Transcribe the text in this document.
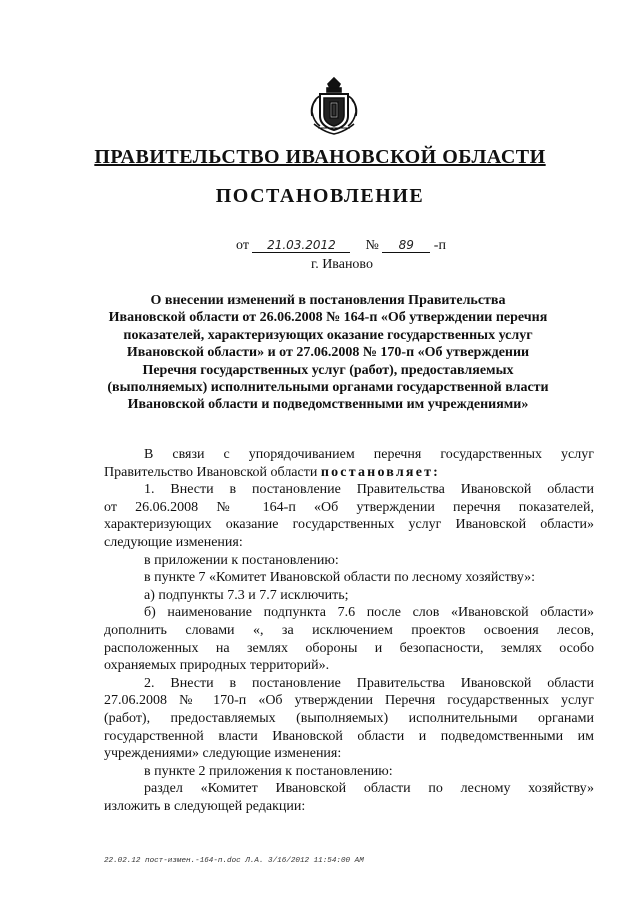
ПРАВИТЕЛЬСТВО ИВАНОВСКОЙ ОБЛАСТИ
ПОСТАНОВЛЕНИЕ
от 21.03.2012 № 89 -п
г. Иваново
О внесении изменений в постановления Правительства
Ивановской области от 26.06.2008 № 164-п «Об утверждении перечня
показателей, характеризующих оказание государственных услуг
Ивановской области» и от 27.06.2008 № 170-п «Об утверждении
Перечня государственных услуг (работ), предоставляемых
(выполняемых) исполнительными органами государственной власти
Ивановской области и подведомственными им учреждениями»
В связи с упорядочиванием перечня государственных услуг
Правительство Ивановской области постановляет:
1. Внести в постановление Правительства Ивановской области
от 26.06.2008 № 164-п «Об утверждении перечня показателей,
характеризующих оказание государственных услуг Ивановской области»
следующие изменения:
в приложении к постановлению:
в пункте 7 «Комитет Ивановской области по лесному хозяйству»:
а) подпункты 7.3 и 7.7 исключить;
б) наименование подпункта 7.6 после слов «Ивановской области»
дополнить словами «, за исключением проектов освоения лесов,
расположенных на землях обороны и безопасности, землях особо
охраняемых природных территорий».
2. Внести в постановление Правительства Ивановской области
27.06.2008 № 170-п «Об утверждении Перечня государственных услуг
(работ), предоставляемых (выполняемых) исполнительными органами
государственной власти Ивановской области и подведомственными им
учреждениями» следующие изменения:
в пункте 2 приложения к постановлению:
раздел «Комитет Ивановской области по лесному хозяйству»
изложить в следующей редакции:
22.02.12 пост-измен.-164-п.doc Л.А. 3/16/2012 11:54:00 AM
